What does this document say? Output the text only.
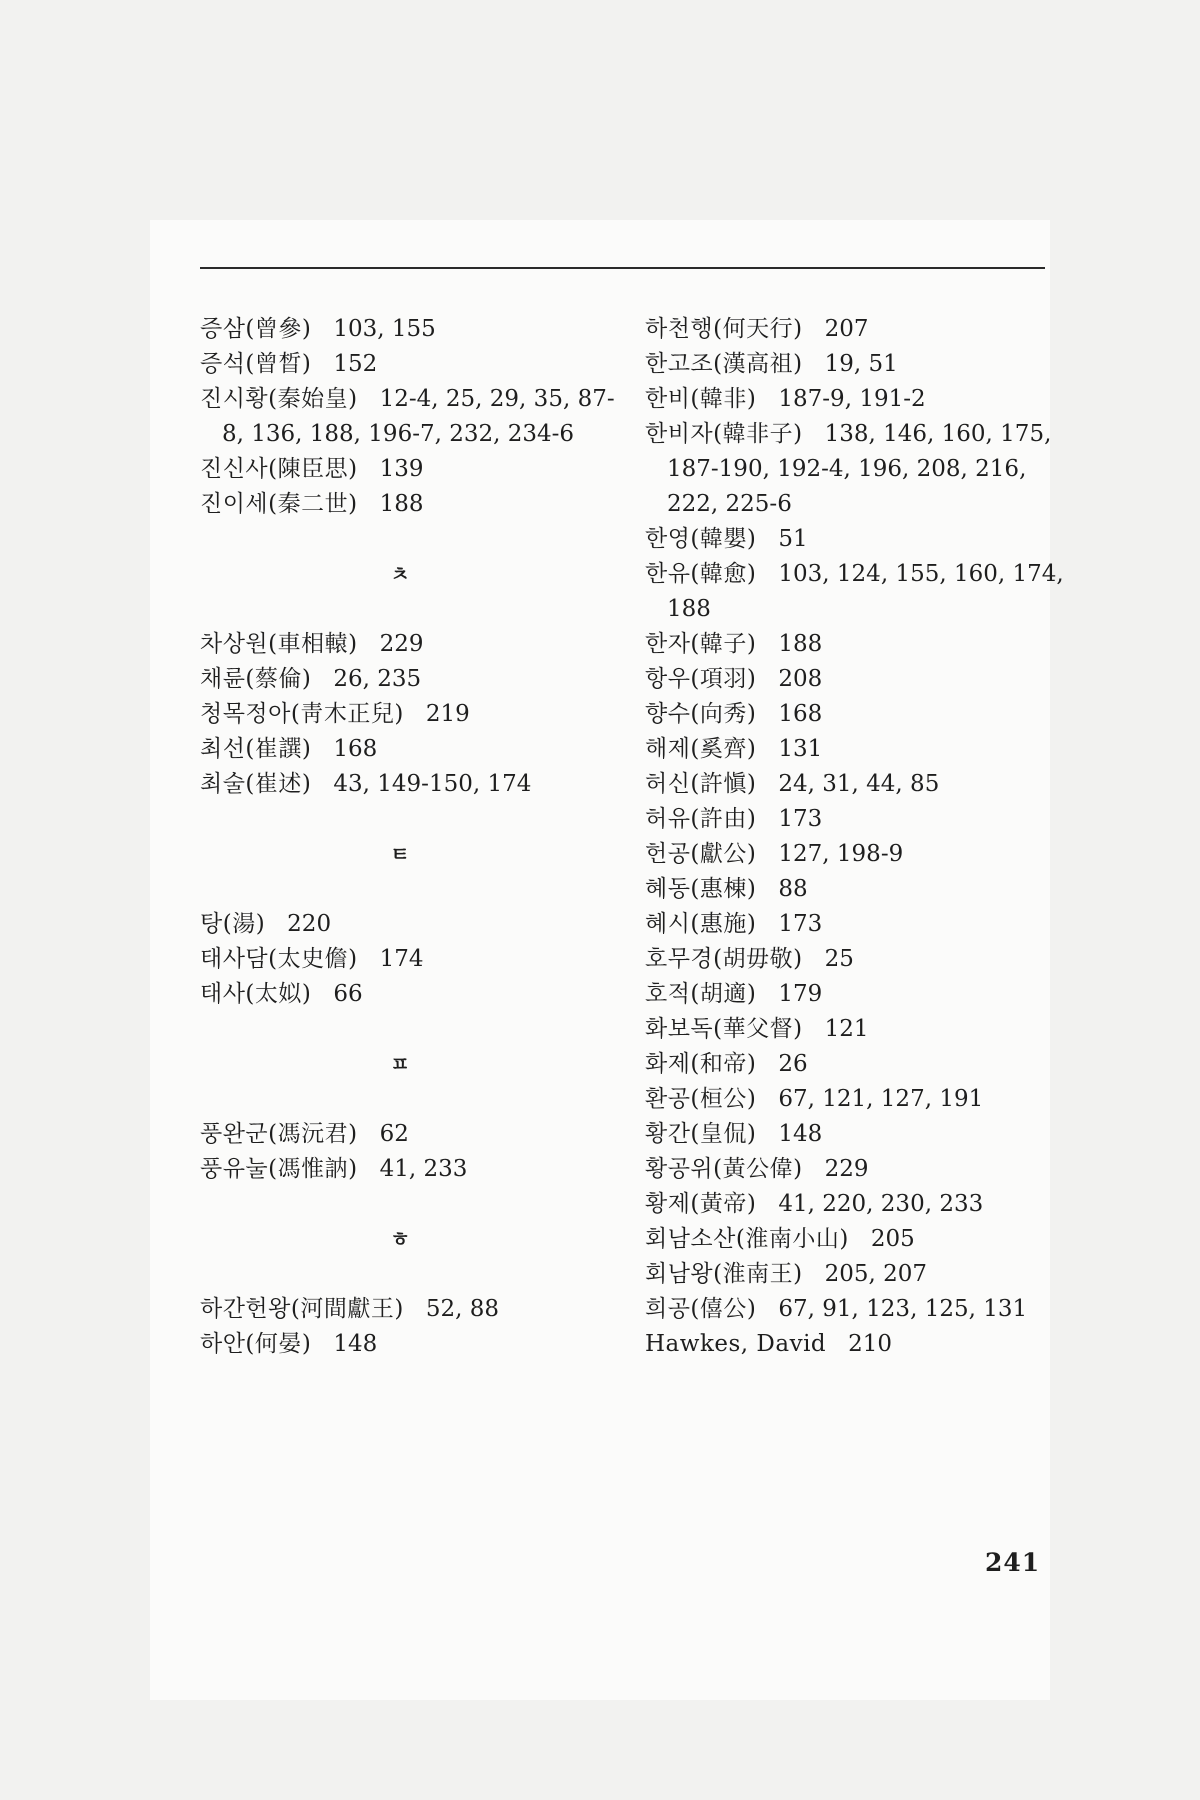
증삼(曾參) 103, 155
증석(曾晳) 152
진시황(秦始皇) 12-4, 25, 29, 35, 87-8, 136, 188, 196-7, 232, 234-6
진신사(陳臣思) 139
진이세(秦二世) 188
ㅊ
차상원(車相轅) 229
채륜(蔡倫) 26, 235
청목정아(靑木正兒) 219
최선(崔譔) 168
최술(崔述) 43, 149-150, 174
ㅌ
탕(湯) 220
태사담(太史儋) 174
태사(太姒) 66
ㅍ
풍완군(馮沅君) 62
풍유눌(馮惟訥) 41, 233
ㅎ
하간헌왕(河間獻王) 52, 88
하안(何晏) 148
하천행(何天行) 207
한고조(漢高祖) 19, 51
한비(韓非) 187-9, 191-2
한비자(韓非子) 138, 146, 160, 175, 187-190, 192-4, 196, 208, 216, 222, 225-6
한영(韓嬰) 51
한유(韓愈) 103, 124, 155, 160, 174, 188
한자(韓子) 188
항우(項羽) 208
향수(向秀) 168
해제(奚齊) 131
허신(許愼) 24, 31, 44, 85
허유(許由) 173
헌공(獻公) 127, 198-9
혜동(惠棟) 88
혜시(惠施) 173
호무경(胡毋敬) 25
호적(胡適) 179
화보독(華父督) 121
화제(和帝) 26
환공(桓公) 67, 121, 127, 191
황간(皇侃) 148
황공위(黃公偉) 229
황제(黃帝) 41, 220, 230, 233
회남소산(淮南小山) 205
회남왕(淮南王) 205, 207
희공(僖公) 67, 91, 123, 125, 131
Hawkes, David 210
241
